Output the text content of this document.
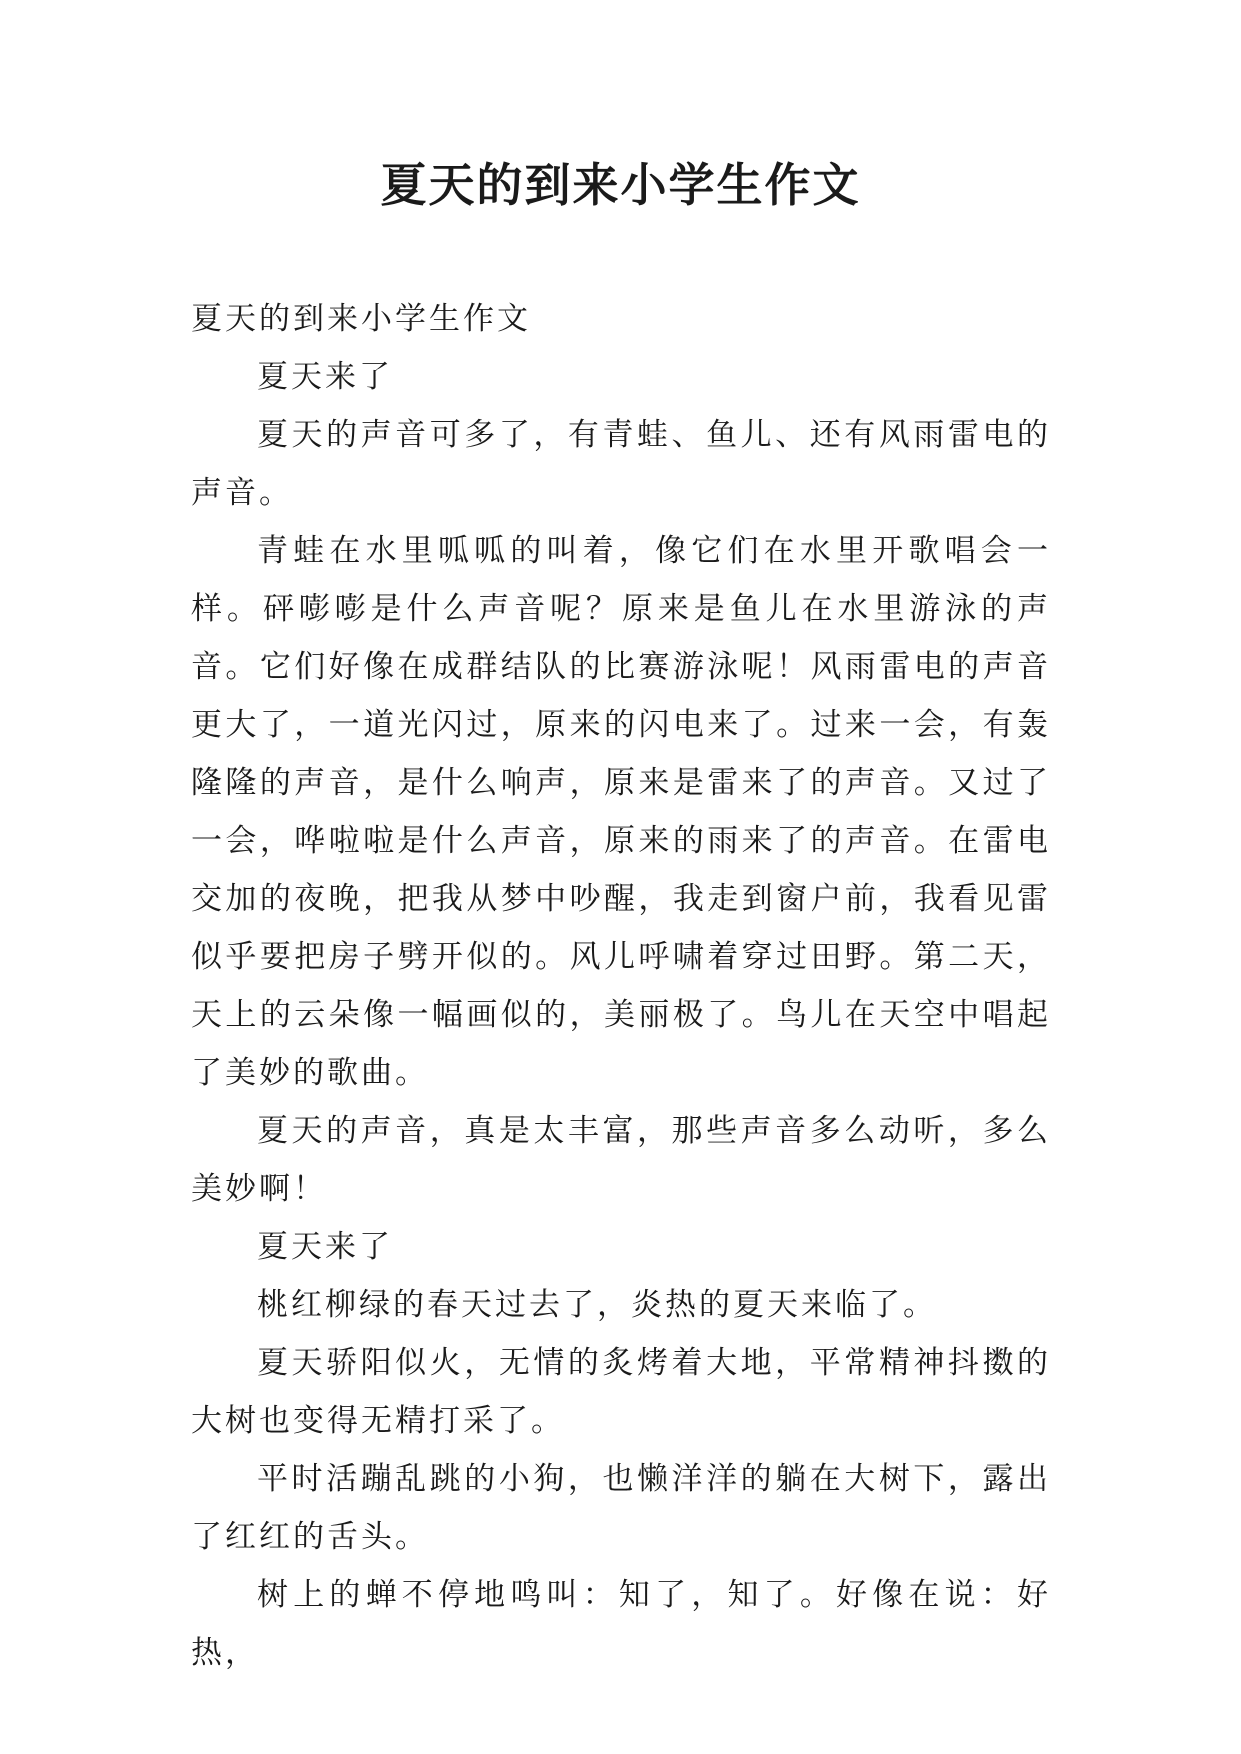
夏天的到来小学生作文

夏天的到来小学生作文

夏天来了

夏天的声音可多了，有青蛙、鱼儿、还有风雨雷电的声音。

青蛙在水里呱呱的叫着，像它们在水里开歌唱会一样。砰嘭嘭是什么声音呢？原来是鱼儿在水里游泳的声音。它们好像在成群结队的比赛游泳呢！风雨雷电的声音更大了，一道光闪过，原来的闪电来了。过来一会，有轰隆隆的声音，是什么响声，原来是雷来了的声音。又过了一会，哗啦啦是什么声音，原来的雨来了的声音。在雷电交加的夜晚，把我从梦中吵醒，我走到窗户前，我看见雷似乎要把房子劈开似的。风儿呼啸着穿过田野。第二天，天上的云朵像一幅画似的，美丽极了。鸟儿在天空中唱起了美妙的歌曲。

夏天的声音，真是太丰富，那些声音多么动听，多么美妙啊！

夏天来了

桃红柳绿的春天过去了，炎热的夏天来临了。

夏天骄阳似火，无情的炙烤着大地，平常精神抖擞的大树也变得无精打采了。

平时活蹦乱跳的小狗，也懒洋洋的躺在大树下，露出了红红的舌头。

树上的蝉不停地鸣叫：知了，知了。好像在说：好热，
